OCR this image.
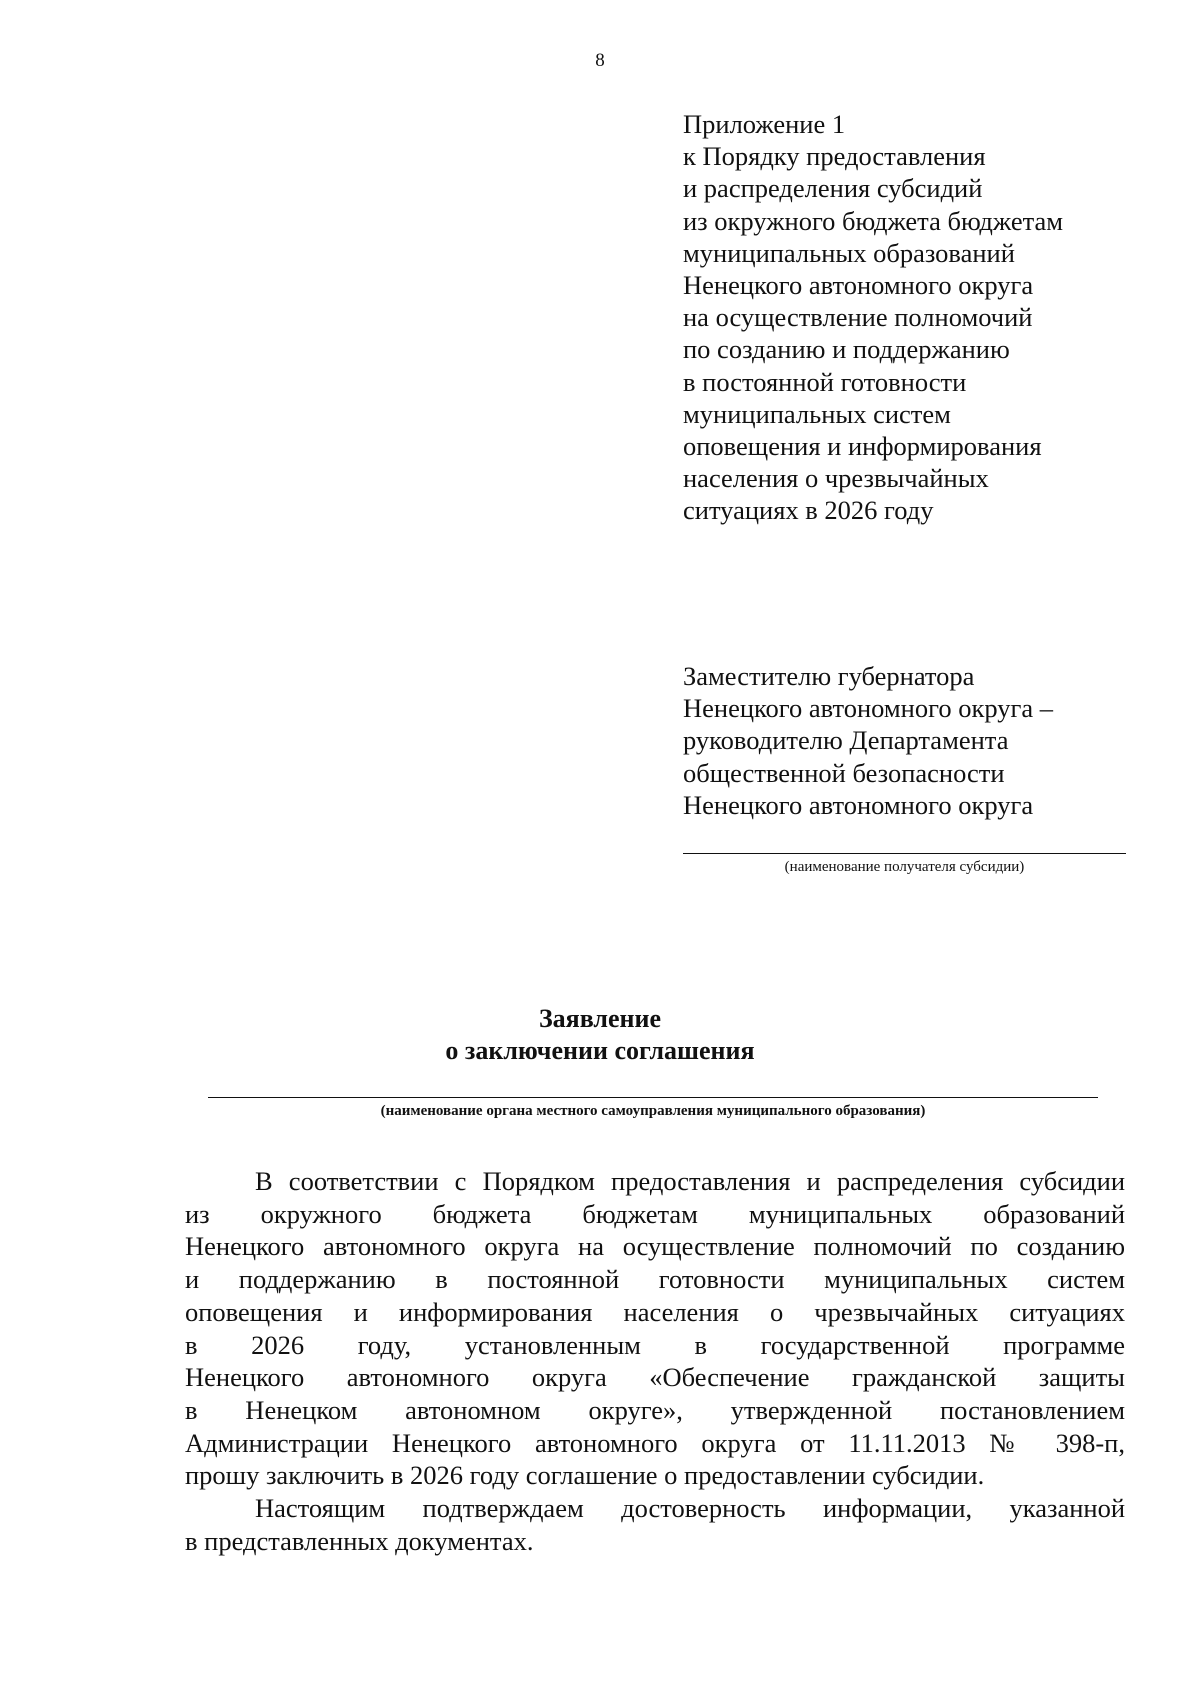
8
Приложение 1
к Порядку предоставления
и распределения субсидий
из окружного бюджета бюджетам
муниципальных образований
Ненецкого автономного округа
на осуществление полномочий
по созданию и поддержанию
в постоянной готовности
муниципальных систем
оповещения и информирования
населения о чрезвычайных
ситуациях в 2026 году
Заместителю губернатора
Ненецкого автономного округа –
руководителю Департамента
общественной безопасности
Ненецкого автономного округа
(наименование получателя субсидии)
Заявление
о заключении соглашения
(наименование органа местного самоуправления муниципального образования)
В соответствии с Порядком предоставления и распределения субсидии
из окружного бюджета бюджетам муниципальных образований
Ненецкого автономного округа на осуществление полномочий по созданию
и поддержанию в постоянной готовности муниципальных систем
оповещения и информирования населения о чрезвычайных ситуациях
в 2026 году, установленным в государственной программе
Ненецкого автономного округа «Обеспечение гражданской защиты
в Ненецком автономном округе», утвержденной постановлением
Администрации Ненецкого автономного округа от 11.11.2013 № 398-п,
прошу заключить в 2026 году соглашение о предоставлении субсидии.
Настоящим подтверждаем достоверность информации, указанной
в представленных документах.
